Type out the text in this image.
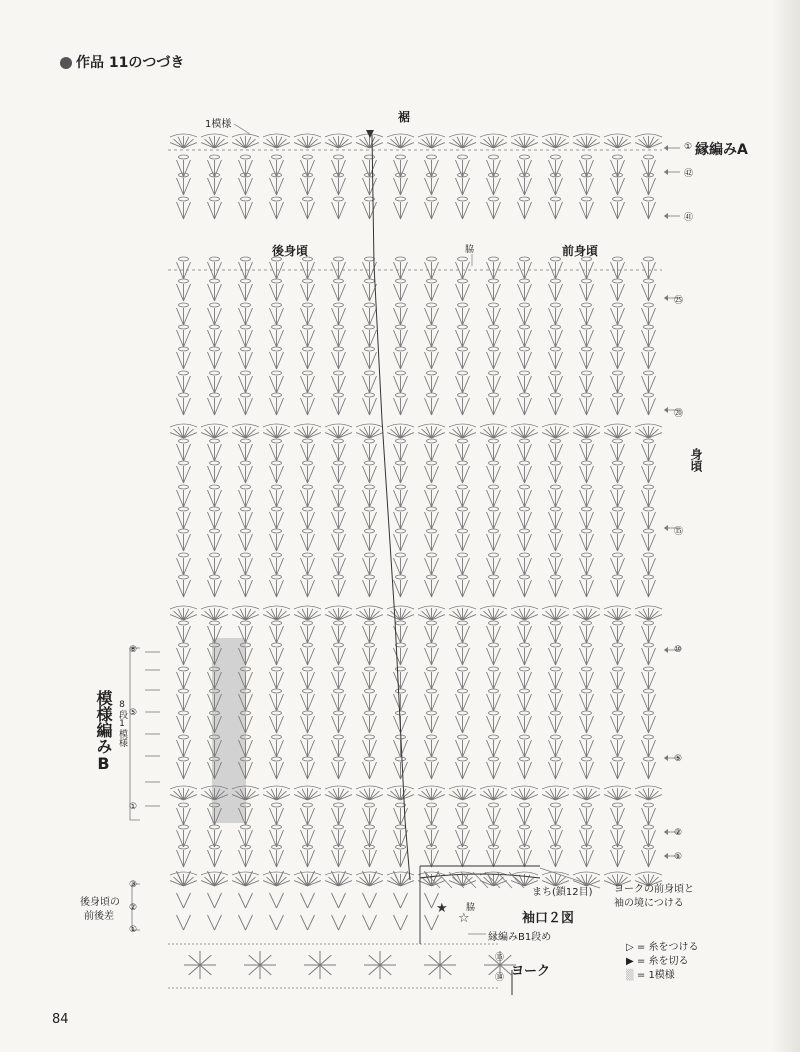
★
☆
作品 11のつづき
1模様
裾
縁編みA
後身頃	脇	前身頃
身頃
模様編みB 8段1模様
後身頃の
前後差
まち(鎖12目) ヨークの前身頃と
袖の境につける
脇
袖口２図
縁編みB1段め
ヨーク
▷ = 糸をつける
▶ = 糸を切る
▒ = 1模様
①
㊷
㊶
㉕
⑳
⑮
⑩
⑤
②
①
⑧
⑤
①
③
②
①
⑮
⑭
84
